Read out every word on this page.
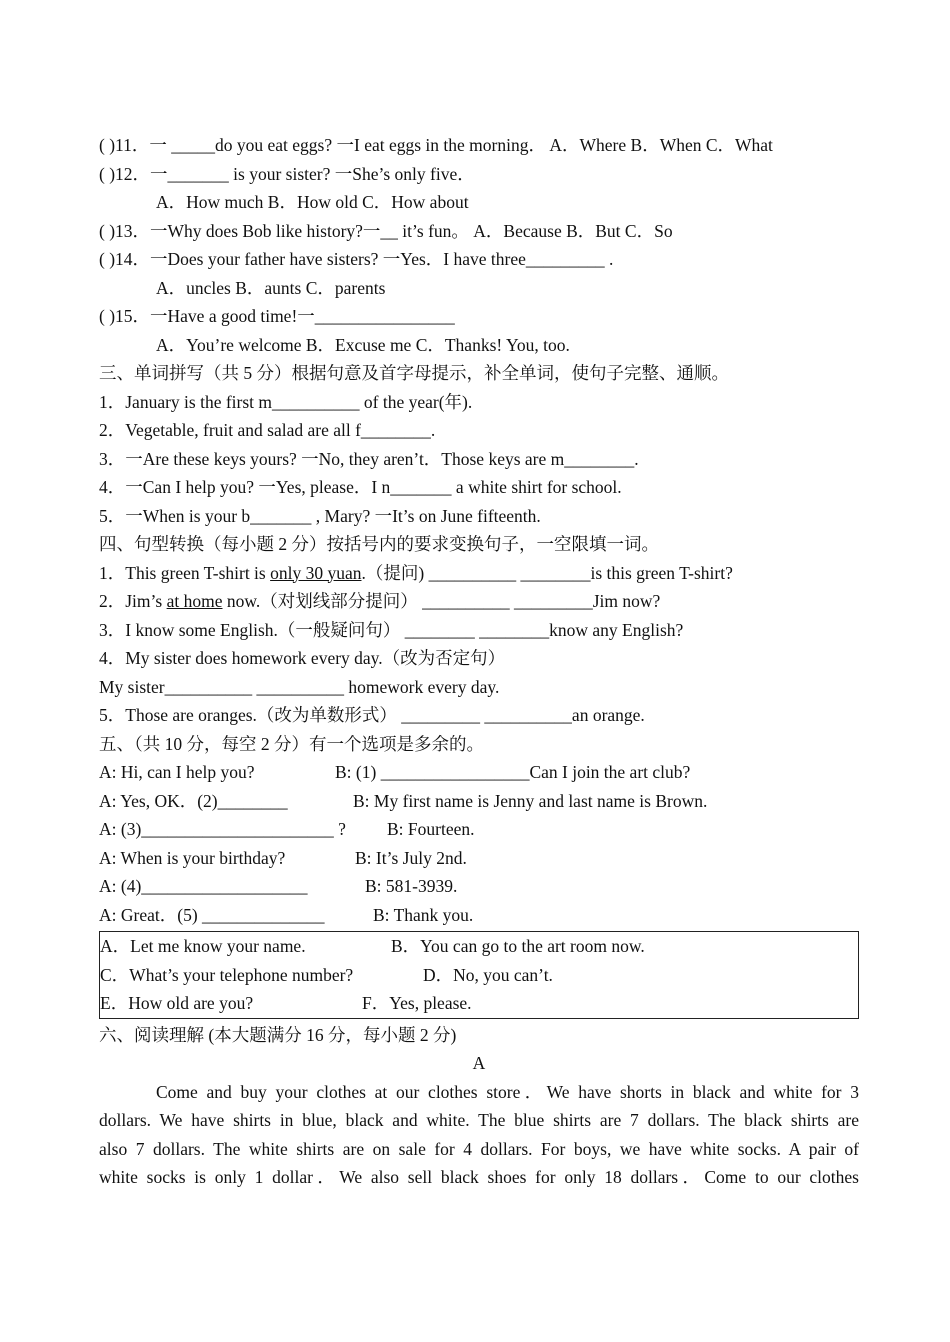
( )11．一 _____do you eat eggs? 一I eat eggs in the morning． A．Where B．When C．What
( )12．一_______ is your sister? 一She’s only five．
A．How much B．How old C．How about
( )13．一Why does Bob like history?一__ it’s fun。 A．Because B．But C．So
( )14．一Does your father have sisters? 一Yes．I have three_________ .
A．uncles B．aunts C．parents
( )15．一Have a good time!一________________
A．You’re welcome B．Excuse me C．Thanks! You, too.
三、单词拼写（共 5 分）根据句意及首字母提示，补全单词，使句子完整、通顺。
1．January is the first m__________ of the year(年).
2．Vegetable, fruit and salad are all f________.
3．一Are these keys yours? 一No, they aren’t．Those keys are m________.
4．一Can I help you? 一Yes, please．I n_______ a white shirt for school.
5．一When is your b_______ , Mary? 一It’s on June fifteenth.
四、句型转换（每小题 2 分）按括号内的要求变换句子，一空限填一词。
1．This green T-shirt is only 30 yuan.（提问) __________ ________is this green T-shirt?
2．Jim’s at home now.（对划线部分提问） __________ _________Jim now?
3．I know some English.（一般疑问句） ________ ________know any English?
4．My sister does homework every day.（改为否定句）
My sister__________ __________ homework every day.
5．Those are oranges.（改为单数形式） _________ __________an orange.
五、（共 10 分，每空 2 分）有一个选项是多余的。
A: Hi, can I help you?	B: (1) _________________Can I join the art club?
A: Yes, OK．(2)________	B: My first name is Jenny and last name is Brown.
A: (3)______________________ ? B: Fourteen.
A: When is your birthday?	B: It’s July 2nd.
A: (4)___________________	B: 581-3939.
A: Great．(5) ______________	B: Thank you.
A．Let me know your name.	B．You can go to the art room now.
C．What’s your telephone number?	D．No, you can’t.
E．How old are you?	F．Yes, please.
六、阅读理解 (本大题满分 16 分，每小题 2 分)
A
Come and buy your clothes at our clothes store．We have shorts in black and white for 3
dollars. We have shirts in blue, black and white. The blue shirts are 7 dollars. The black shirts are
also 7 dollars. The white shirts are on sale for 4 dollars. For boys, we have white socks. A pair of
white socks is only 1 dollar．We also sell black shoes for only 18 dollars．Come to our clothes
